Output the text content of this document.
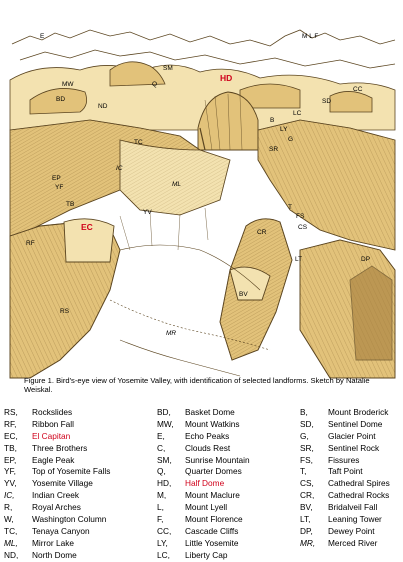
E	M L F
SM
HD
MW
BD
ND
Q
TC
CC
SD
LC
B
LY
G
SR
T
FS
EP
YF	ML
YV
TB
EC
RF
CR
CS
LT	DP
RS
BV
MR
IC
Figure 1. Bird's-eye view of Yosemite Valley, with identification of selected landforms. Sketch by Natalie Weiskal.
RS, Rockslides
RF, Ribbon Fall
EC, El Capitan
TB, Three Brothers
EP, Eagle Peak
YF, Top of Yosemite Falls
YV, Yosemite Village
IC, Indian Creek
R, Royal Arches
W, Washington Column
TC, Tenaya Canyon
ML, Mirror Lake
ND, North Dome
BD, Basket Dome
MW, Mount Watkins
E, Echo Peaks
C, Clouds Rest
SM, Sunrise Mountain
Q, Quarter Domes
HD, Half Dome
M, Mount Maclure
L,	Mount Lyell
F,	Mount Florence
CC, Cascade Cliffs
LY, Little Yosemite
LC, Liberty Cap
B, Mount Broderick
SD, Sentinel Dome
G, Glacier Point
SR, Sentinel Rock
FS, Fissures
T,	Taft Point
CS, Cathedral Spires
CR, Cathedral Rocks
BV, Bridalveil Fall
LT, Leaning Tower
DP, Dewey Point
MR, Merced River
